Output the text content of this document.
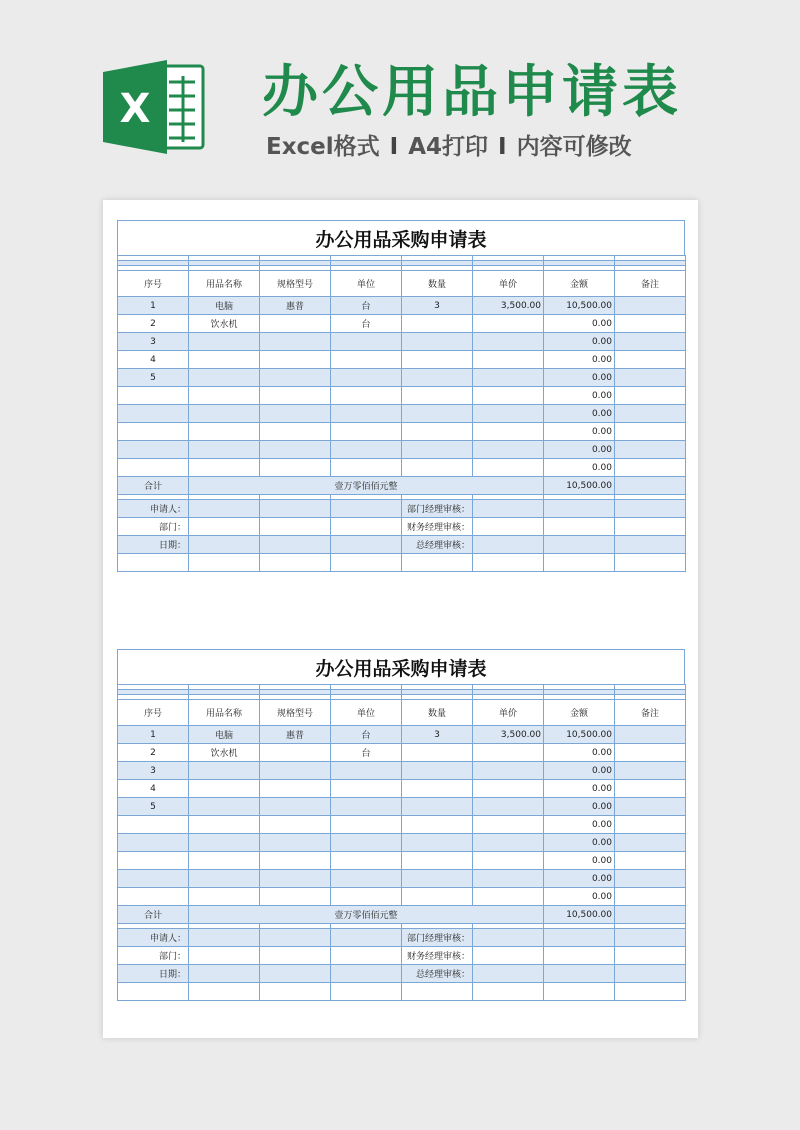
X 办公用品申请表
Excel格式 I A4打印 I 内容可修改
办公用品采购申请表

序号	用品名称	规格型号	单位	数量	单价	金额	备注
1	电脑	惠普	台	3	3,500.00	10,500.00	
2	饮水机		台			0.00	
3						0.00	
4						0.00	
5						0.00	
						0.00	
						0.00	
						0.00	
						0.00	
						0.00	
合计	壹万零佰佰元整					10,500.00	

申请人：				部门经理审核：			
部门：				财务经理审核：			
日期：				总经理审核：			

办公用品采购申请表

序号	用品名称	规格型号	单位	数量	单价	金额	备注
1	电脑	惠普	台	3	3,500.00	10,500.00	
2	饮水机		台			0.00	
3						0.00	
4						0.00	
5						0.00	
						0.00	
						0.00	
						0.00	
						0.00	
						0.00	
合计	壹万零佰佰元整					10,500.00	

申请人：				部门经理审核：			
部门：				财务经理审核：			
日期：				总经理审核：			
